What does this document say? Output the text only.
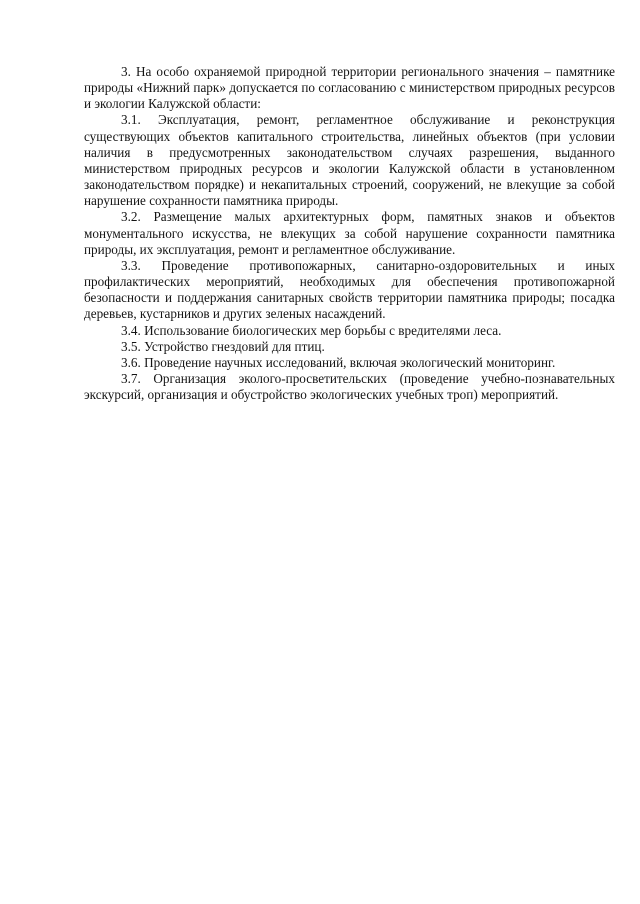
3. На особо охраняемой природной территории регионального значения – памятнике природы «Нижний парк» допускается по согласованию с министерством природных ресурсов и экологии Калужской области:

3.1. Эксплуатация, ремонт, регламентное обслуживание и реконструкция существующих объектов капитального строительства, линейных объектов (при условии наличия в предусмотренных законодательством случаях разрешения, выданного министерством природных ресурсов и экологии Калужской области в установленном законодательством порядке) и некапитальных строений, сооружений, не влекущие за собой нарушение сохранности памятника природы.

3.2. Размещение малых архитектурных форм, памятных знаков и объектов монументального искусства, не влекущих за собой нарушение сохранности памятника природы, их эксплуатация, ремонт и регламентное обслуживание.

3.3. Проведение противопожарных, санитарно-оздоровительных и иных профилактических мероприятий, необходимых для обеспечения противопожарной безопасности и поддержания санитарных свойств территории памятника природы; посадка деревьев, кустарников и других зеленых насаждений.

3.4. Использование биологических мер борьбы с вредителями леса.

3.5. Устройство гнездовий для птиц.

3.6. Проведение научных исследований, включая экологический мониторинг.

3.7. Организация эколого-просветительских (проведение учебно-познавательных экскурсий, организация и обустройство экологических учебных троп) мероприятий.
